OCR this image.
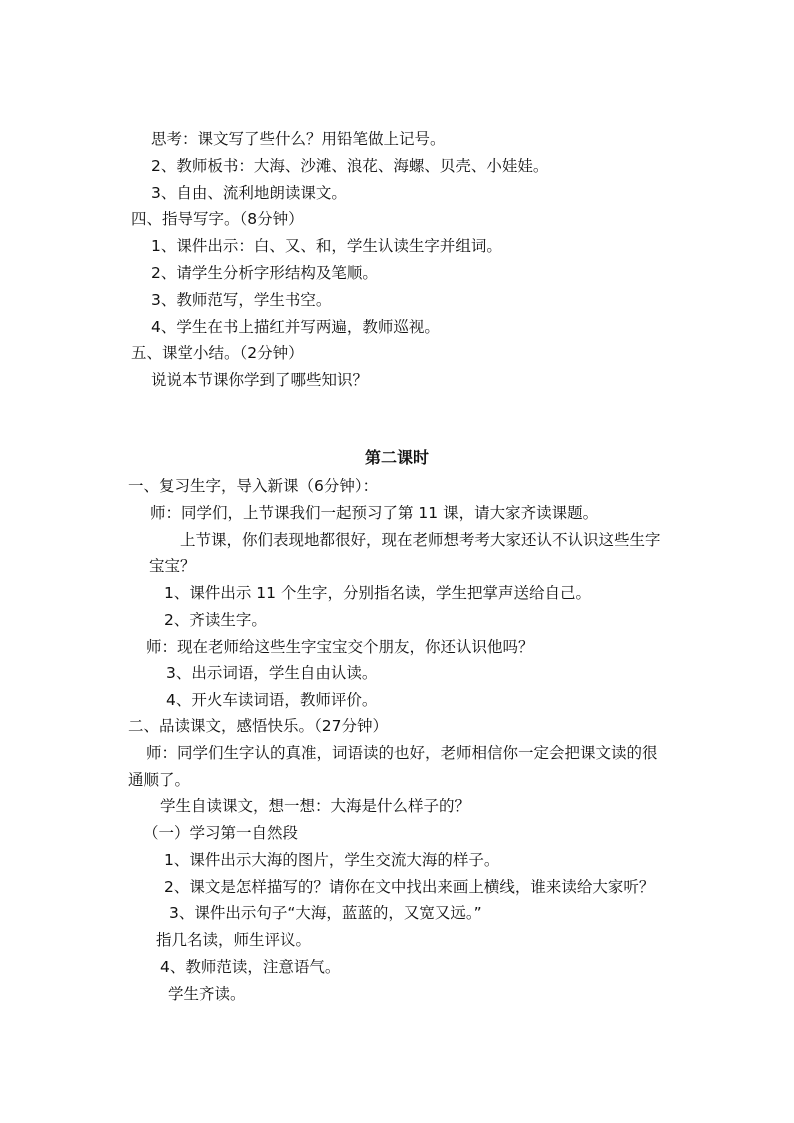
思考：课文写了些什么？用铅笔做上记号。
2、教师板书：大海、沙滩、浪花、海螺、贝壳、小娃娃。
3、自由、流利地朗读课文。
四、指导写字。（8分钟）
1、课件出示：白、又、和，学生认读生字并组词。
2、请学生分析字形结构及笔顺。
3、教师范写，学生书空。
4、学生在书上描红并写两遍，教师巡视。
五、课堂小结。（2分钟）
说说本节课你学到了哪些知识？
第二课时
一、复习生字，导入新课（6分钟）：
师：同学们，上节课我们一起预习了第 11 课，请大家齐读课题。
上节课，你们表现地都很好，现在老师想考考大家还认不认识这些生字
宝宝？
1、课件出示 11 个生字，分别指名读，学生把掌声送给自己。
2、齐读生字。
师：现在老师给这些生字宝宝交个朋友，你还认识他吗？
3、出示词语，学生自由认读。
4、开火车读词语，教师评价。
二、品读课文，感悟快乐。（27分钟）
师：同学们生字认的真准，词语读的也好，老师相信你一定会把课文读的很
通顺了。
学生自读课文，想一想：大海是什么样子的？
（一）学习第一自然段
1、课件出示大海的图片，学生交流大海的样子。
2、课文是怎样描写的？请你在文中找出来画上横线，谁来读给大家听？
3、课件出示句子“大海，蓝蓝的，又宽又远。”
指几名读，师生评议。
4、教师范读，注意语气。
学生齐读。
